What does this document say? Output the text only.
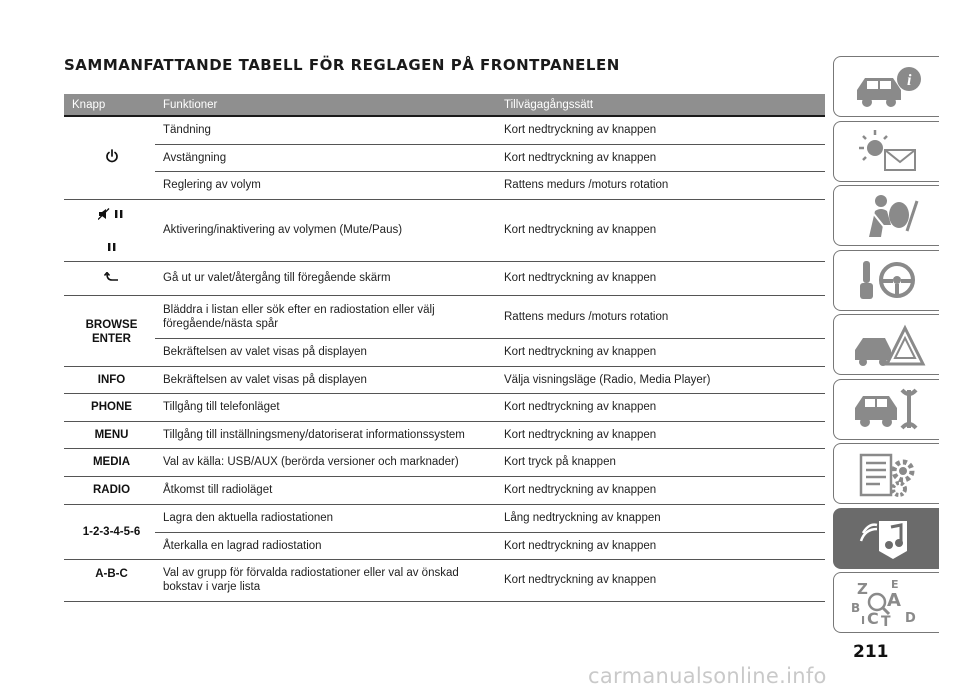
SAMMANFATTANDE TABELL FÖR REGLAGEN PÅ FRONTPANELEN
Knapp	Funktioner	Tillvägagångssätt
	Tändning	Kort nedtryckning av knappen
	Avstängning	Kort nedtryckning av knappen
	Reglering av volym	Rattens medurs /moturs rotation

	Aktivering/inaktivering av volymen (Mute/Paus)	Kort nedtryckning av knappen
	Gå ut ur valet/återgång till föregående skärm	Kort nedtryckning av knappen
BROWSE
ENTER	Bläddra i listan eller sök efter en radiostation eller välj föregående/nästa spår	Rattens medurs /moturs rotation
	Bekräftelsen av valet visas på displayen	Kort nedtryckning av knappen
INFO	Bekräftelsen av valet visas på displayen	Välja visningsläge (Radio, Media Player)
PHONE	Tillgång till telefonläget	Kort nedtryckning av knappen
MENU	Tillgång till inställningsmeny/datoriserat informationssystem	Kort nedtryckning av knappen
MEDIA	Val av källa: USB/AUX (berörda versioner och marknader)	Kort tryck på knappen
RADIO	Åtkomst till radioläget	Kort nedtryckning av knappen
1-2-3-4-5-6	Lagra den aktuella radiostationen	Lång nedtryckning av knappen
	Återkalla en lagrad radiostation	Kort nedtryckning av knappen
A-B-C	Val av grupp för förvalda radiostationer eller val av önskad bokstav i varje lista	Kort nedtryckning av knappen
i
Z E
A
B
C T D
I
211
carmanualsonline.info
